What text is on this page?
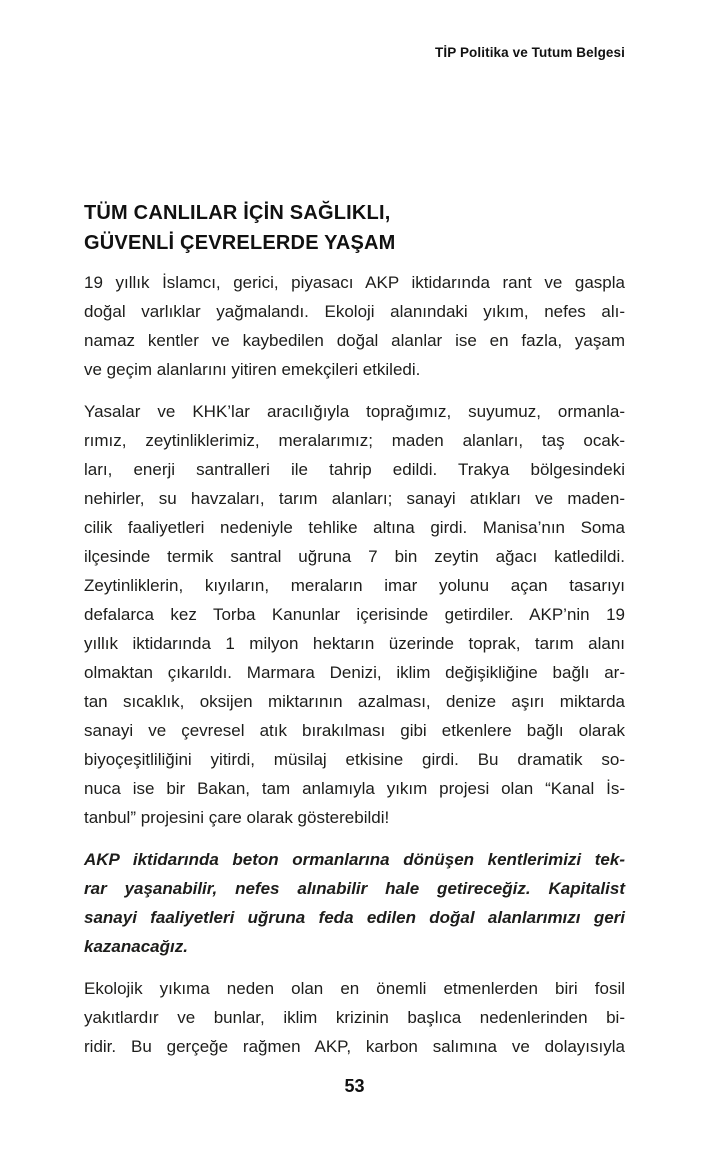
TİP Politika ve Tutum Belgesi
TÜM CANLILAR İÇİN SAĞLIKLI,
GÜVENLİ ÇEVRELERDE YAŞAM
19 yıllık İslamcı, gerici, piyasacı AKP iktidarında rant ve gaspla
doğal varlıklar yağmalandı. Ekoloji alanındaki yıkım, nefes alı-
namaz kentler ve kaybedilen doğal alanlar ise en fazla, yaşam
ve geçim alanlarını yitiren emekçileri etkiledi.
Yasalar ve KHK’lar aracılığıyla toprağımız, suyumuz, ormanla-
rımız, zeytinliklerimiz, meralarımız; maden alanları, taş ocak-
ları, enerji santralleri ile tahrip edildi. Trakya bölgesindeki
nehirler, su havzaları, tarım alanları; sanayi atıkları ve maden-
cilik faaliyetleri nedeniyle tehlike altına girdi. Manisa’nın Soma
ilçesinde termik santral uğruna 7 bin zeytin ağacı katledildi.
Zeytinliklerin, kıyıların, meraların imar yolunu açan tasarıyı
defalarca kez Torba Kanunlar içerisinde getirdiler. AKP’nin 19
yıllık iktidarında 1 milyon hektarın üzerinde toprak, tarım alanı
olmaktan çıkarıldı. Marmara Denizi, iklim değişikliğine bağlı ar-
tan sıcaklık, oksijen miktarının azalması, denize aşırı miktarda
sanayi ve çevresel atık bırakılması gibi etkenlere bağlı olarak
biyoçeşitliliğini yitirdi, müsilaj etkisine girdi. Bu dramatik so-
nuca ise bir Bakan, tam anlamıyla yıkım projesi olan “Kanal İs-
tanbul” projesini çare olarak gösterebildi!
AKP iktidarında beton ormanlarına dönüşen kentlerimizi tek-
rar yaşanabilir, nefes alınabilir hale getireceğiz. Kapitalist
sanayi faaliyetleri uğruna feda edilen doğal alanlarımızı geri
kazanacağız.
Ekolojik yıkıma neden olan en önemli etmenlerden biri fosil
yakıtlardır ve bunlar, iklim krizinin başlıca nedenlerinden bi-
ridir. Bu gerçeğe rağmen AKP, karbon salımına ve dolayısıyla
53
